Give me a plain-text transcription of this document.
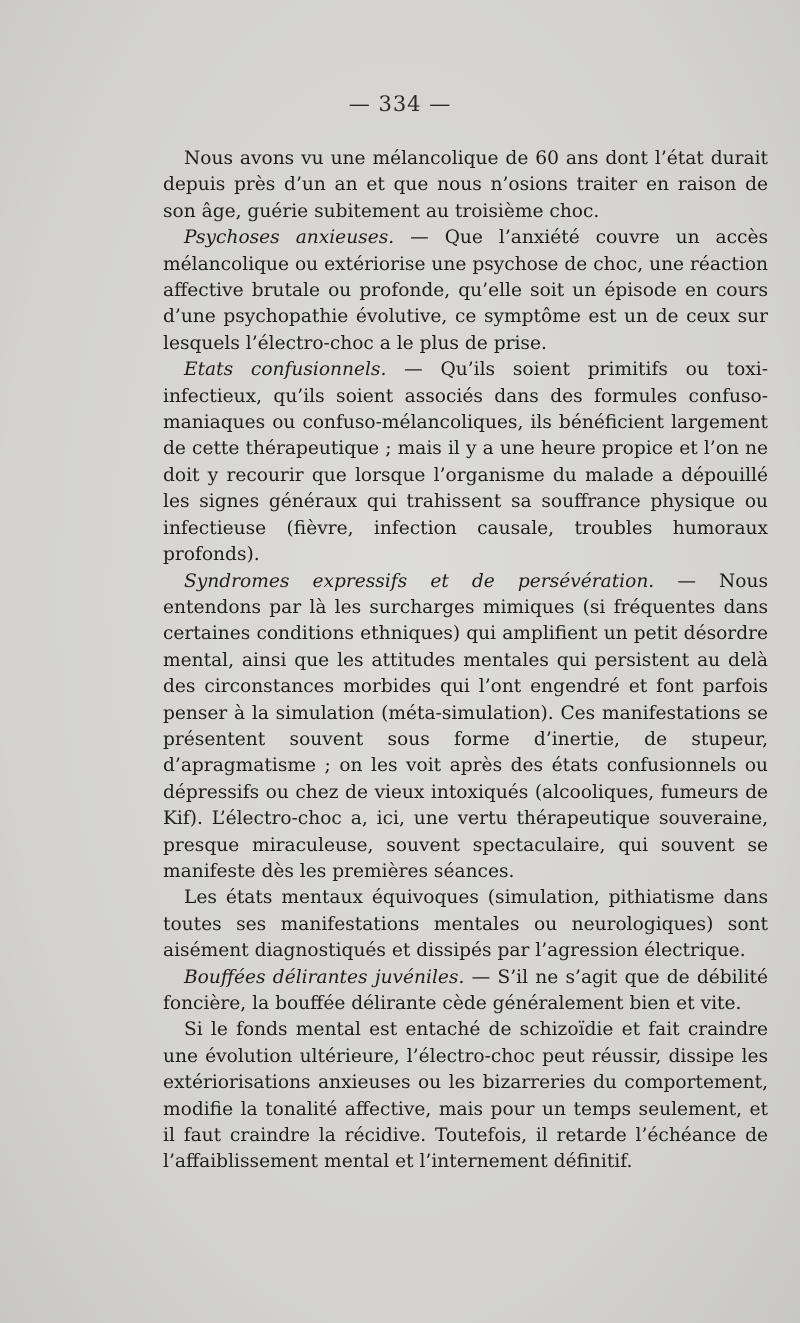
— 334 —

Nous avons vu une mélancolique de 60 ans dont l’état durait depuis près d’un an et que nous n’osions traiter en raison de son âge, guérie subitement au troisième choc.

Psychoses anxieuses. — Que l’anxiété couvre un accès mélancolique ou extériorise une psychose de choc, une réaction affective brutale ou profonde, qu’elle soit un épisode en cours d’une psychopathie évolutive, ce symptôme est un de ceux sur lesquels l’électro-choc a le plus de prise.

Etats confusionnels. — Qu’ils soient primitifs ou toxi-infectieux, qu’ils soient associés dans des formules confuso-maniaques ou confuso-mélancoliques, ils bénéficient largement de cette thérapeutique ; mais il y a une heure propice et l’on ne doit y recourir que lorsque l’organisme du malade a dépouillé les signes généraux qui trahissent sa souffrance physique ou infectieuse (fièvre, infection causale, troubles humoraux profonds).

Syndromes expressifs et de persévération. — Nous entendons par là les surcharges mimiques (si fréquentes dans certaines conditions ethniques) qui amplifient un petit désordre mental, ainsi que les attitudes mentales qui persistent au delà des circonstances morbides qui l’ont engendré et font parfois penser à la simulation (méta-simulation). Ces manifestations se présentent souvent sous forme d’inertie, de stupeur, d’apragmatisme ; on les voit après des états confusionnels ou dépressifs ou chez de vieux intoxiqués (alcooliques, fumeurs de Kif). L’électro-choc a, ici, une vertu thérapeutique souveraine, presque miraculeuse, souvent spectaculaire, qui souvent se manifeste dès les premières séances.

Les états mentaux équivoques (simulation, pithiatisme dans toutes ses manifestations mentales ou neurologiques) sont aisément diagnostiqués et dissipés par l’agression électrique.

Bouffées délirantes juvéniles. — S’il ne s’agit que de débilité foncière, la bouffée délirante cède généralement bien et vite.

Si le fonds mental est entaché de schizoïdie et fait craindre une évolution ultérieure, l’électro-choc peut réussir, dissipe les extériorisations anxieuses ou les bizarreries du comportement, modifie la tonalité affective, mais pour un temps seulement, et il faut craindre la récidive. Toutefois, il retarde l’échéance de l’affaiblissement mental et l’internement définitif.
